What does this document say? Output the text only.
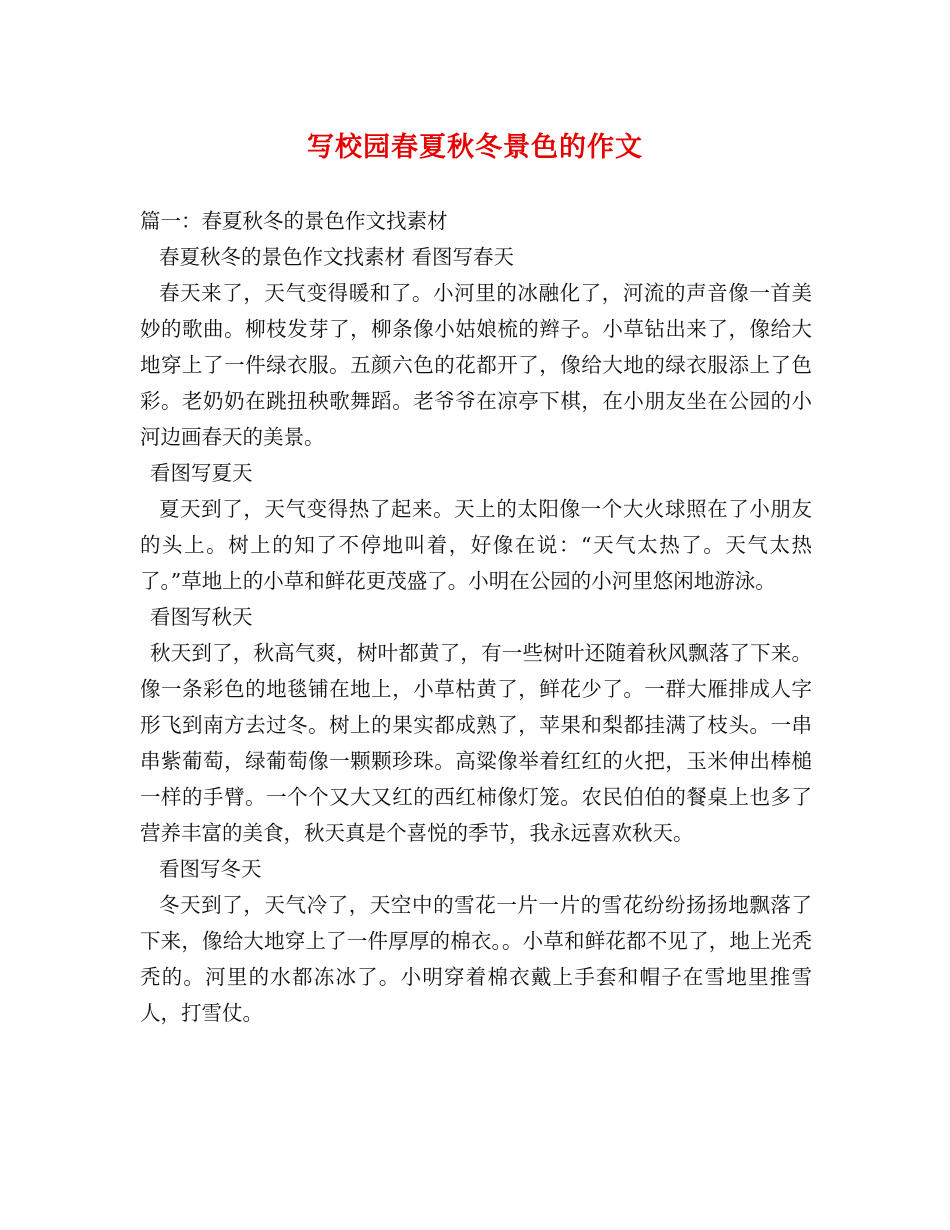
写校园春夏秋冬景色的作文

篇一：春夏秋冬的景色作文找素材

春夏秋冬的景色作文找素材 看图写春天

春天来了，天气变得暖和了。小河里的冰融化了，河流的声音像一首美妙的歌曲。柳枝发芽了，柳条像小姑娘梳的辫子。小草钻出来了，像给大地穿上了一件绿衣服。五颜六色的花都开了，像给大地的绿衣服添上了色彩。老奶奶在跳扭秧歌舞蹈。老爷爷在凉亭下棋，在小朋友坐在公园的小河边画春天的美景。

看图写夏天

夏天到了，天气变得热了起来。天上的太阳像一个大火球照在了小朋友的头上。树上的知了不停地叫着，好像在说：“天气太热了。天气太热了。”草地上的小草和鲜花更茂盛了。小明在公园的小河里悠闲地游泳。

看图写秋天

秋天到了，秋高气爽，树叶都黄了，有一些树叶还随着秋风飘落了下来。像一条彩色的地毯铺在地上，小草枯黄了，鲜花少了。一群大雁排成人字形飞到南方去过冬。树上的果实都成熟了，苹果和梨都挂满了枝头。一串串紫葡萄，绿葡萄像一颗颗珍珠。高粱像举着红红的火把，玉米伸出棒槌一样的手臂。一个个又大又红的西红柿像灯笼。农民伯伯的餐桌上也多了营养丰富的美食，秋天真是个喜悦的季节，我永远喜欢秋天。

看图写冬天

冬天到了，天气冷了，天空中的雪花一片一片的雪花纷纷扬扬地飘落了下来，像给大地穿上了一件厚厚的棉衣。。小草和鲜花都不见了，地上光秃秃的。河里的水都冻冰了。小明穿着棉衣戴上手套和帽子在雪地里推雪人，打雪仗。
